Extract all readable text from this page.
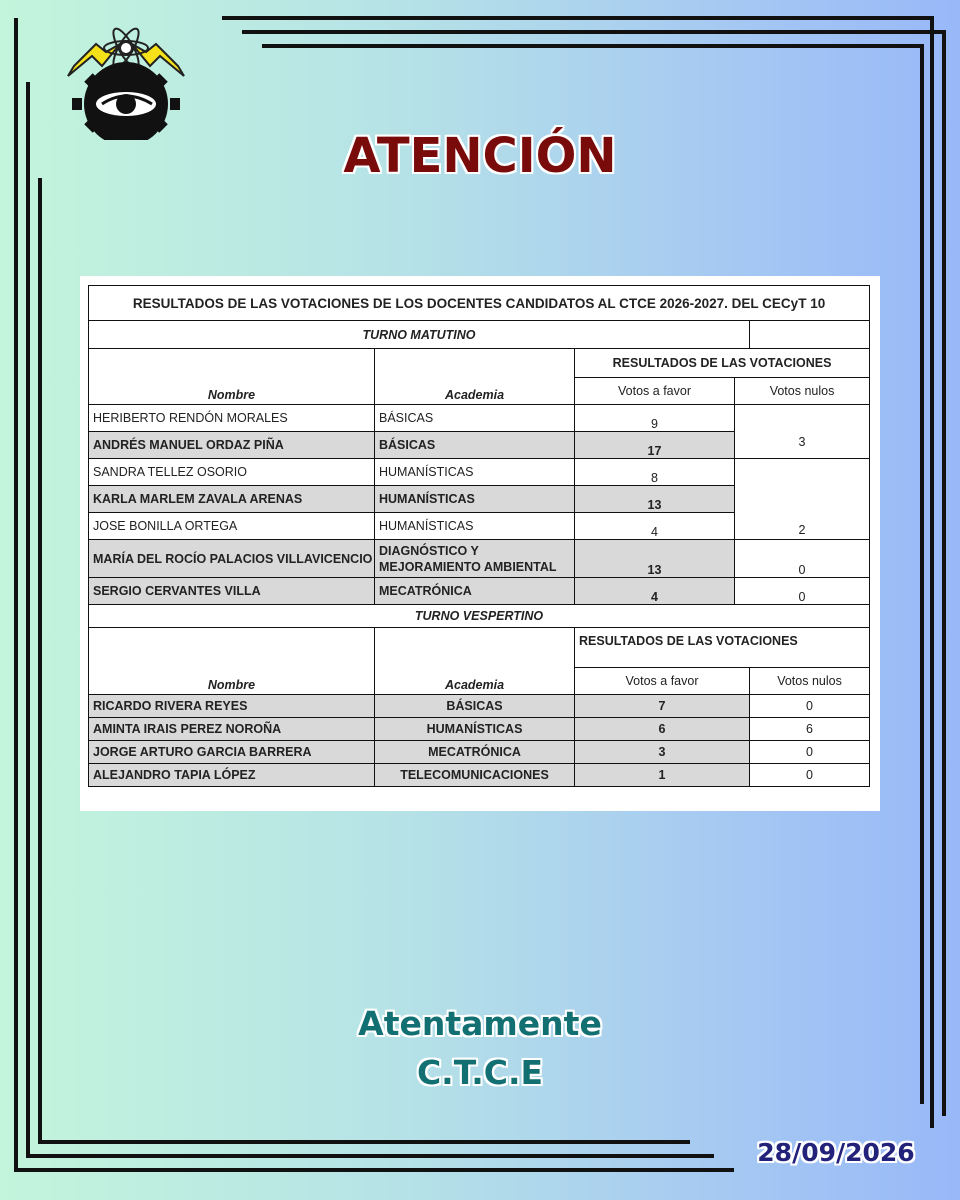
ATENCIÓN
RESULTADOS DE LAS VOTACIONES DE LOS DOCENTES CANDIDATOS AL CTCE 2026-2027. DEL CECyT 10				
TURNO MATUTINO				
Nombre	Academia	RESULTADOS DE LAS VOTACIONES		
		Votos a favor	Votos nulos	
HERIBERTO RENDÓN MORALES	BÁSICAS	9	3	
ANDRÉS MANUEL ORDAZ PIÑA	BÁSICAS	17		
SANDRA TELLEZ OSORIO	HUMANÍSTICAS	8	2	
KARLA MARLEM ZAVALA ARENAS	HUMANÍSTICAS	13		
JOSE BONILLA ORTEGA	HUMANÍSTICAS	4		
MARÍA DEL ROCÍO PALACIOS VILLAVICENCIO	DIAGNÓSTICO Y MEJORAMIENTO AMBIENTAL	13	0	
SERGIO CERVANTES VILLA	MECATRÓNICA	4	0	
TURNO VESPERTINO				
Nombre	Academia	RESULTADOS DE LAS VOTACIONES		
		Votos a favor		Votos nulos
RICARDO RIVERA REYES	BÁSICAS	7		0
AMINTA IRAIS PEREZ NOROÑA	HUMANÍSTICAS	6		6
JORGE ARTURO GARCIA BARRERA	MECATRÓNICA	3		0
ALEJANDRO TAPIA LÓPEZ	TELECOMUNICACIONES	1		0
Atentamente
C.T.C.E
28/09/2026
